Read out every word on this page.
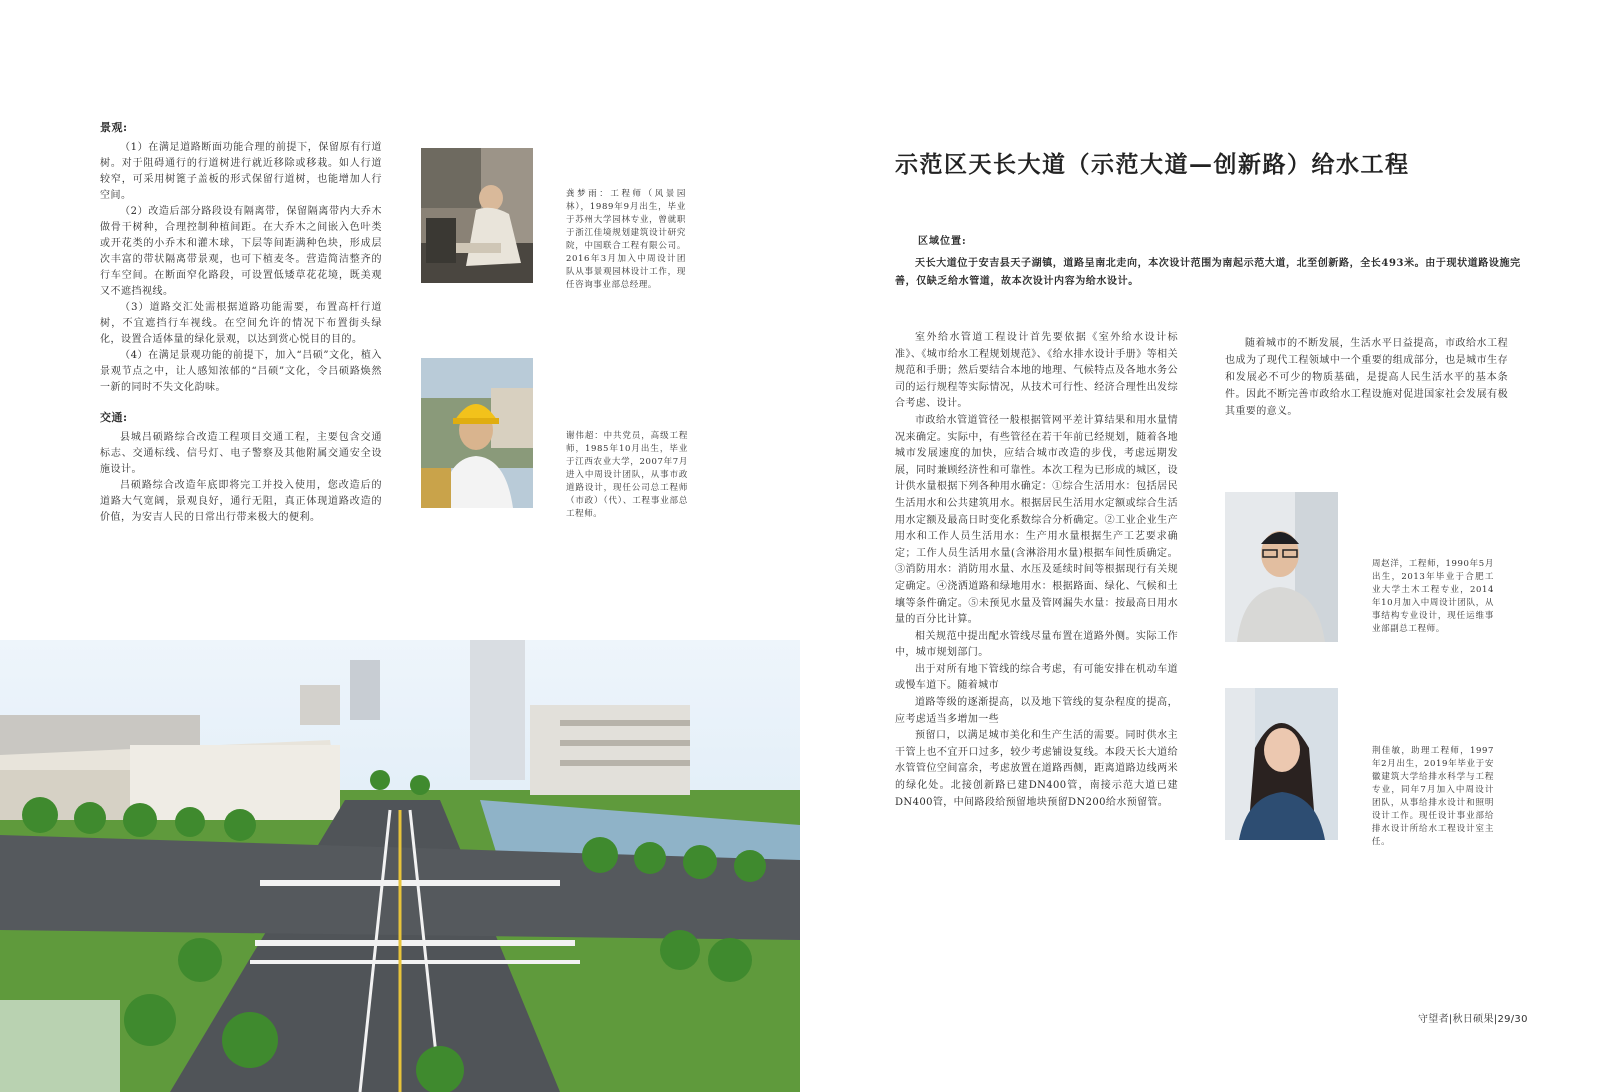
景观:

（1）在满足道路断面功能合理的前提下，保留原有行道树。对于阻碍通行的行道树进行就近移除或移栽。如人行道较窄，可采用树篦子盖板的形式保留行道树，也能增加人行空间。

（2）改造后部分路段设有隔离带，保留隔离带内大乔木做骨干树种，合理控制种植间距。在大乔木之间嵌入色叶类或开花类的小乔木和灌木球，下层等间距满种色块，形成层次丰富的带状隔离带景观，也可下植麦冬。营造简洁整齐的行车空间。在断面窄化路段，可设置低矮草花花境，既美观又不遮挡视线。

（3）道路交汇处需根据道路功能需要，布置高杆行道树，不宜遮挡行车视线。在空间允许的情况下布置街头绿化，设置合适体量的绿化景观，以达到赏心悦目的目的。

（4）在满足景观功能的前提下，加入“吕硕”文化，植入景观节点之中，让人感知浓郁的“吕硕”文化，令吕硕路焕然一新的同时不失文化韵味。

交通:

县城吕硕路综合改造工程项目交通工程，主要包含交通标志、交通标线、信号灯、电子警察及其他附属交通安全设施设计。

吕硕路综合改造年底即将完工并投入使用，您改造后的道路大气宽阔，景观良好，通行无阻，真正体现道路改造的价值，为安吉人民的日常出行带来极大的便利。

龚梦雨：工程师（风景园林），1989年9月出生，毕业于苏州大学园林专业，曾就职于浙江佳境规划建筑设计研究院，中国联合工程有限公司。2016年3月加入中周设计团队从事景观园林设计工作，现任咨询事业部总经理。
谢伟超：中共党员，高级工程师，1985年10月出生，毕业于江西农业大学，2007年7月进入中周设计团队，从事市政道路设计，现任公司总工程师（市政）（代）、工程事业部总工程师。
示范区天长大道（示范大道—创新路）给水工程
区域位置:
天长大道位于安吉县天子湖镇，道路呈南北走向，本次设计范围为南起示范大道，北至创新路，全长493米。由于现状道路设施完善，仅缺乏给水管道，故本次设计内容为给水设计。

室外给水管道工程设计首先要依据《室外给水设计标准》、《城市给水工程规划规范》、《给水排水设计手册》等相关规范和手册；然后要结合本地的地理、气候特点及各地水务公司的运行规程等实际情况，从技术可行性、经济合理性出发综合考虑、设计。

市政给水管道管径一般根据管网平差计算结果和用水量情况来确定。实际中，有些管径在若干年前已经规划，随着各地城市发展速度的加快，应结合城市改造的步伐，考虑远期发展，同时兼顾经济性和可靠性。本次工程为已形成的城区，设计供水量根据下列各种用水确定：①综合生活用水：包括居民生活用水和公共建筑用水。根据居民生活用水定额或综合生活用水定额及最高日时变化系数综合分析确定。②工业企业生产用水和工作人员生活用水：生产用水量根据生产工艺要求确定；工作人员生活用水量(含淋浴用水量)根据车间性质确定。③消防用水：消防用水量、水压及延续时间等根据现行有关规定确定。④浇洒道路和绿地用水：根据路面、绿化、气候和土壤等条件确定。⑤未预见水量及管网漏失水量：按最高日用水量的百分比计算。

相关规范中提出配水管线尽量布置在道路外侧。实际工作中，城市规划部门。

出于对所有地下管线的综合考虑，有可能安排在机动车道或慢车道下。随着城市

道路等级的逐渐提高，以及地下管线的复杂程度的提高，应考虑适当多增加一些

预留口，以满足城市美化和生产生活的需要。同时供水主干管上也不宜开口过多，较少考虑铺设复线。本段天长大道给水管管位空间富余，考虑放置在道路西侧，距离道路边线两米的绿化处。北接创新路已建DN400管，南接示范大道已建DN400管，中间路段给预留地块预留DN200给水预留管。

随着城市的不断发展，生活水平日益提高，市政给水工程也成为了现代工程领域中一个重要的组成部分，也是城市生存和发展必不可少的物质基础，是提高人民生活水平的基本条件。因此不断完善市政给水工程设施对促进国家社会发展有极其重要的意义。
周赵洋，工程师，1990年5月出生，2013年毕业于合肥工业大学土木工程专业，2014年10月加入中周设计团队，从事结构专业设计，现任运维事业部副总工程师。
荆佳敏，助理工程师，1997年2月出生，2019年毕业于安徽建筑大学给排水科学与工程专业，同年7月加入中周设计团队，从事给排水设计和照明设计工作。现任设计事业部给排水设计所给水工程设计室主任。
守望者|秋日硕果|29/30
